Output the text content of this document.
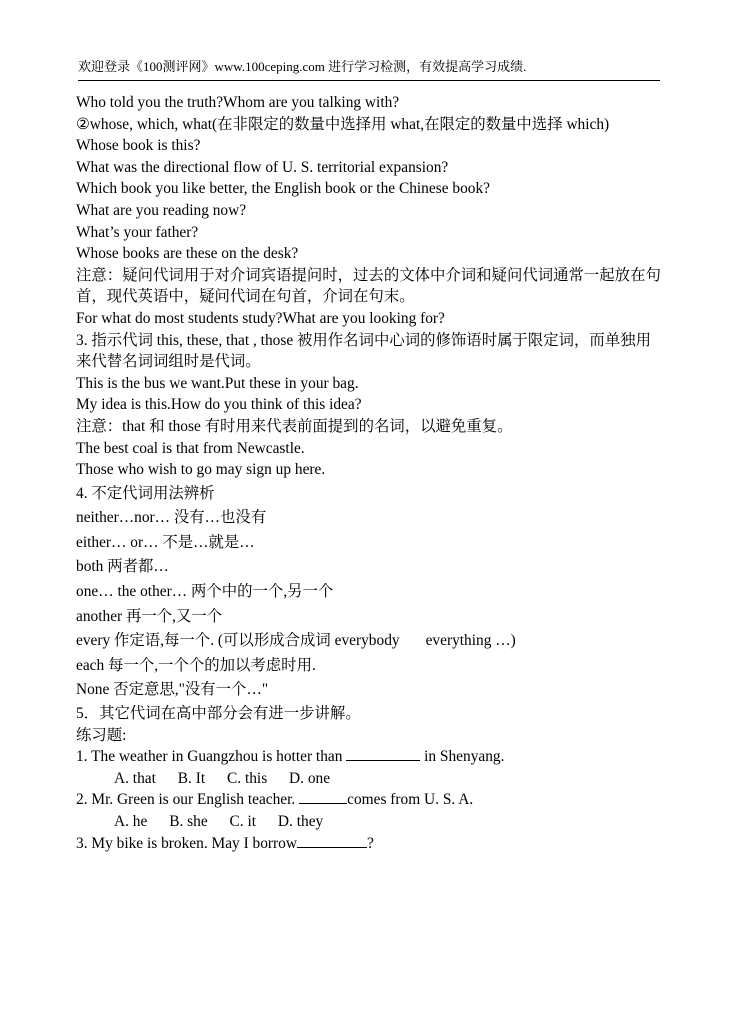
欢迎登录《100测评网》www.100ceping.com 进行学习检测，有效提高学习成绩.
Who told you the truth?Whom are you talking with?
②whose, which, what(在非限定的数量中选择用 what,在限定的数量中选择 which)
Whose book is this?
What was the directional flow of U. S. territorial expansion?
Which book you like better, the English book or the Chinese book?
What are you reading now?
What’s your father?
Whose books are these on the desk?
注意：疑问代词用于对介词宾语提问时，过去的文体中介词和疑问代词通常一起放在句首，现代英语中，疑问代词在句首，介词在句末。
For what do most students study?What are you looking for?
3. 指示代词 this, these, that , those 被用作名词中心词的修饰语时属于限定词，而单独用来代替名词词组时是代词。
This is the bus we want.Put these in your bag.
My idea is this.How do you think of this idea?
注意：that 和 those 有时用来代表前面提到的名词，以避免重复。
The best coal is that from Newcastle.
Those who wish to go may sign up here.
4. 不定代词用法辨析
neither…nor… 没有…也没有
either… or… 不是…就是…
both 两者都…
one… the other… 两个中的一个,另一个
another 再一个,又一个
every 作定语,每一个. (可以形成合成词 everybody everything …)
each 每一个,一个个的加以考虑时用.
None 否定意思,"没有一个…"
5．其它代词在高中部分会有进一步讲解。
练习题:
1. The weather in Guangzhou is hotter than	in Shenyang.
A. that B. It C. this D. one
2. Mr. Green is our English teacher.	comes from U. S. A.
A. he B. she C. it D. they
3. My bike is broken. May I borrow	?
